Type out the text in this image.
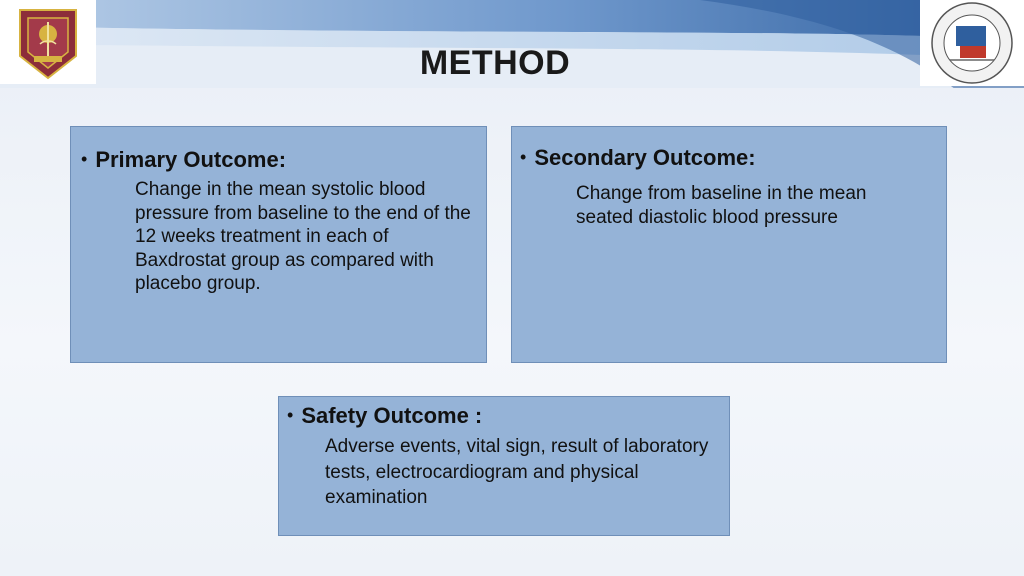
METHOD
• Primary Outcome:
Change in the mean systolic blood pressure from baseline to the end of the 12 weeks treatment in each of Baxdrostat group as compared with placebo group.
• Secondary Outcome:
Change from baseline in the mean seated diastolic blood pressure
• Safety Outcome :
Adverse events, vital sign, result of laboratory tests, electrocardiogram and physical examination
